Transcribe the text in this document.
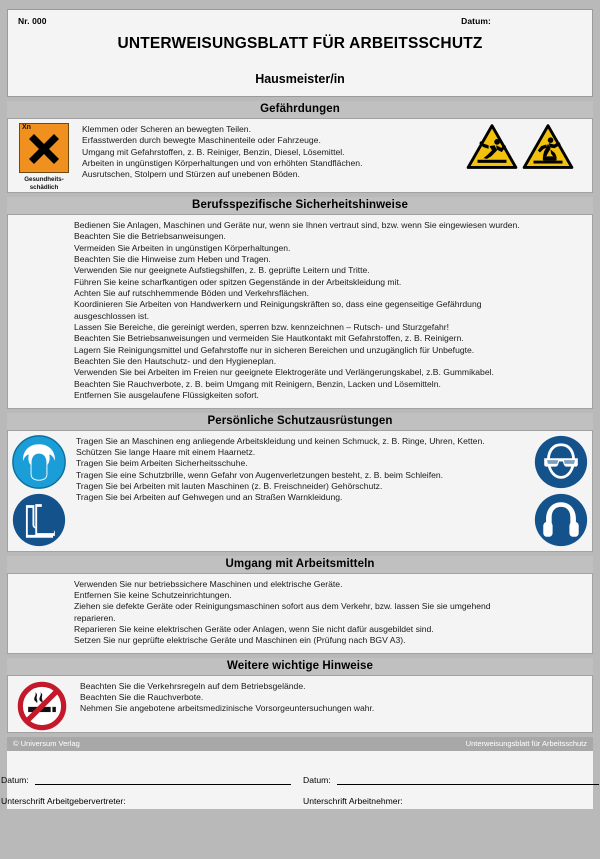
Nr. 000	Datum:
UNTERWEISUNGSBLATT FÜR ARBEITSSCHUTZ
Hausmeister/in
Gefährdungen
Xn
Gesundheits-
schädlich
Klemmen oder Scheren an bewegten Teilen.
Erfasstwerden durch bewegte Maschinenteile oder Fahrzeuge.
Umgang mit Gefahrstoffen, z. B. Reiniger, Benzin, Diesel, Lösemittel.
Arbeiten in ungünstigen Körperhaltungen und von erhöhten Standflächen.
Ausrutschen, Stolpern und Stürzen auf unebenen Böden.
Berufsspezifische Sicherheitshinweise
Bedienen Sie Anlagen, Maschinen und Geräte nur, wenn sie Ihnen vertraut sind, bzw. wenn Sie eingewiesen wurden.
Beachten Sie die Betriebsanweisungen.
Vermeiden Sie Arbeiten in ungünstigen Körperhaltungen.
Beachten Sie die Hinweise zum Heben und Tragen.
Verwenden Sie nur geeignete Aufstiegshilfen, z. B. geprüfte Leitern und Tritte.
Führen Sie keine scharfkantigen oder spitzen Gegenstände in der Arbeitskleidung mit.
Achten Sie auf rutschhemmende Böden und Verkehrsflächen.
Koordinieren Sie Arbeiten von Handwerkern und Reinigungskräften so, dass eine gegenseitige Gefährdung ausgeschlossen ist.
Lassen Sie Bereiche, die gereinigt werden, sperren bzw. kennzeichnen – Rutsch- und Sturzgefahr!
Beachten Sie Betriebsanweisungen und vermeiden Sie Hautkontakt mit Gefahrstoffen, z. B. Reinigern.
Lagern Sie Reinigungsmittel und Gefahrstoffe nur in sicheren Bereichen und unzugänglich für Unbefugte.
Beachten Sie den Hautschutz- und den Hygieneplan.
Verwenden Sie bei Arbeiten im Freien nur geeignete Elektrogeräte und Verlängerungskabel, z.B. Gummikabel.
Beachten Sie Rauchverbote, z. B. beim Umgang mit Reinigern, Benzin, Lacken und Lösemitteln.
Entfernen Sie ausgelaufene Flüssigkeiten sofort.
Persönliche Schutzausrüstungen
Tragen Sie an Maschinen eng anliegende Arbeitskleidung und keinen Schmuck, z. B. Ringe, Uhren, Ketten.
Schützen Sie lange Haare mit einem Haarnetz.
Tragen Sie beim Arbeiten Sicherheitsschuhe.
Tragen Sie eine Schutzbrille, wenn Gefahr von Augenverletzungen besteht, z. B. beim Schleifen.
Tragen Sie bei Arbeiten mit lauten Maschinen (z. B. Freischneider) Gehörschutz.
Tragen Sie bei Arbeiten auf Gehwegen und an Straßen Warnkleidung.
Umgang mit Arbeitsmitteln
Verwenden Sie nur betriebssichere Maschinen und elektrische Geräte.
Entfernen Sie keine Schutzeinrichtungen.
Ziehen sie defekte Geräte oder Reinigungsmaschinen sofort aus dem Verkehr, bzw. lassen Sie sie umgehend reparieren.
Reparieren Sie keine elektrischen Geräte oder Anlagen, wenn Sie nicht dafür ausgebildet sind.
Setzen Sie nur geprüfte elektrische Geräte und Maschinen ein (Prüfung nach BGV A3).
Weitere wichtige Hinweise
Beachten Sie die Verkehrsregeln auf dem Betriebsgelände.
Beachten Sie die Rauchverbote.
Nehmen Sie angebotene arbeitsmedizinische Vorsorgeuntersuchungen wahr.
© Universum Verlag	Unterweisungsblatt für Arbeitsschutz
Datum:
Unterschrift Arbeitgebervertreter:
Datum:
Unterschrift Arbeitnehmer:
